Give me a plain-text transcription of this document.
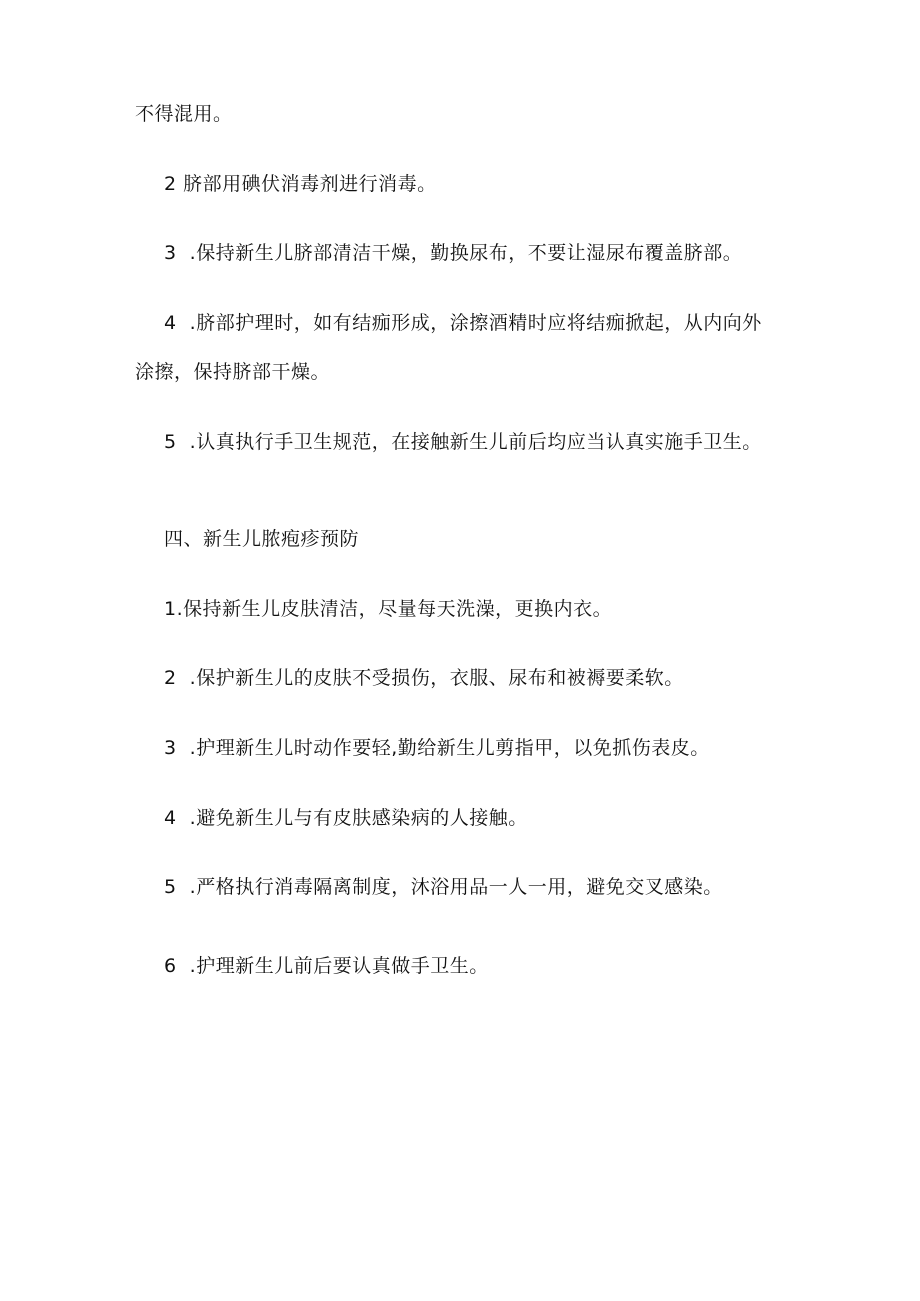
不得混用。
2 脐部用碘伏消毒剂进行消毒。
3  .保持新生儿脐部清洁干燥，勤换尿布，不要让湿尿布覆盖脐部。
4  .脐部护理时，如有结痂形成，涂擦酒精时应将结痂掀起，从内向外
涂擦，保持脐部干燥。
5  .认真执行手卫生规范，在接触新生儿前后均应当认真实施手卫生。
四、新生儿脓疱疹预防
1.保持新生儿皮肤清洁，尽量每天洗澡，更换内衣。
2  .保护新生儿的皮肤不受损伤，衣服、尿布和被褥要柔软。
3  .护理新生儿时动作要轻,勤给新生儿剪指甲，以免抓伤表皮。
4  .避免新生儿与有皮肤感染病的人接触。
5  .严格执行消毒隔离制度，沐浴用品一人一用，避免交叉感染。
6  .护理新生儿前后要认真做手卫生。
